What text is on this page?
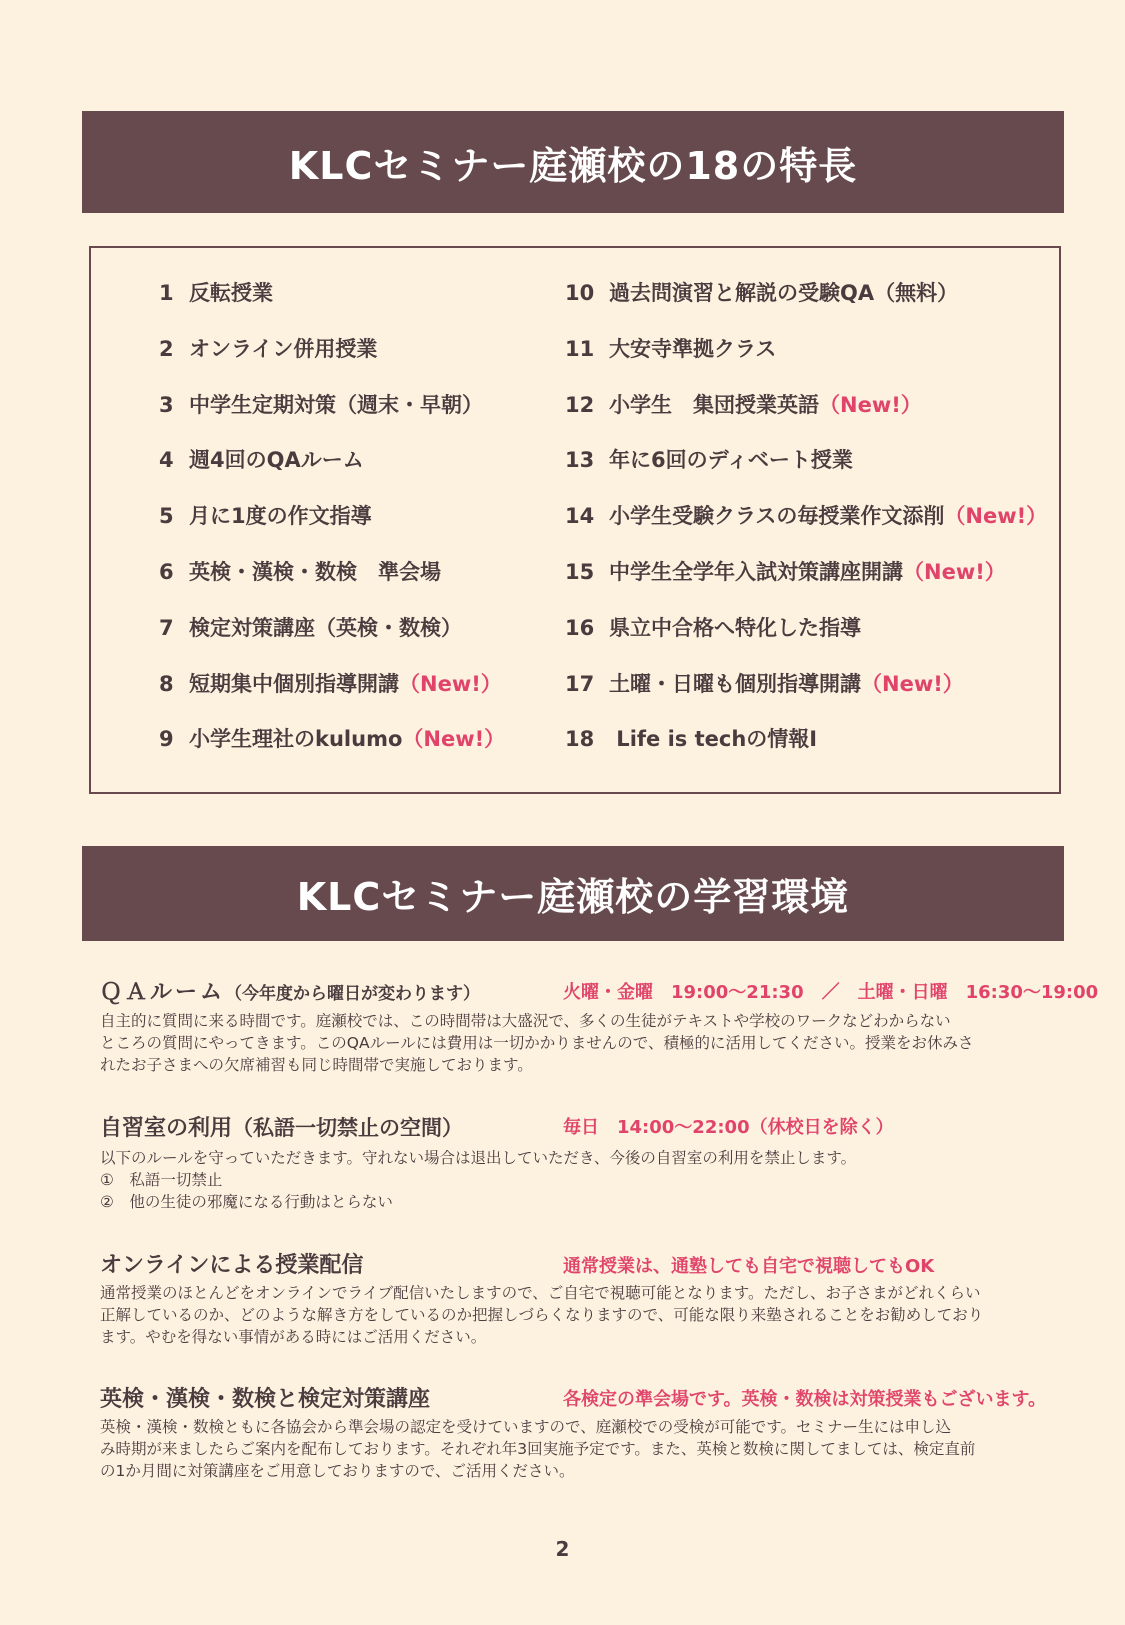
KLCセミナー庭瀬校の18の特長
1 反転授業
2 オンライン併用授業
3 中学生定期対策（週末・早朝）
4 週4回のQAルーム
5 月に1度の作文指導
6 英検・漢検・数検　準会場
7 検定対策講座（英検・数検）
8 短期集中個別指導開講（New!）
9 小学生理社のkulumo（New!）
10 過去問演習と解説の受験QA（無料）
11 大安寺準拠クラス
12 小学生　集団授業英語（New!）
13 年に6回のディベート授業
14 小学生受験クラスの毎授業作文添削（New!）
15 中学生全学年入試対策講座開講（New!）
16 県立中合格へ特化した指導
17 土曜・日曜も個別指導開講（New!）
18 Life is techの情報Ⅰ
KLCセミナー庭瀬校の学習環境
ＱＡルーム（今年度から曜日が変わります）	火曜・金曜　19:00～21:30　／　土曜・日曜　16:30～19:00
自主的に質問に来る時間です。庭瀬校では、この時間帯は大盛況で、多くの生徒がテキストや学校のワークなどわからない
ところの質問にやってきます。このQAルールには費用は一切かかりませんので、積極的に活用してください。授業をお休みさ
れたお子さまへの欠席補習も同じ時間帯で実施しております。
自習室の利用（私語一切禁止の空間）	毎日　14:00～22:00（休校日を除く）
以下のルールを守っていただきます。守れない場合は退出していただき、今後の自習室の利用を禁止します。
①　私語一切禁止
②　他の生徒の邪魔になる行動はとらない
オンラインによる授業配信	通常授業は、通塾しても自宅で視聴してもOK
通常授業のほとんどをオンラインでライブ配信いたしますので、ご自宅で視聴可能となります。ただし、お子さまがどれくらい
正解しているのか、どのような解き方をしているのか把握しづらくなりますので、可能な限り来塾されることをお勧めしており
ます。やむを得ない事情がある時にはご活用ください。
英検・漢検・数検と検定対策講座	各検定の準会場です。英検・数検は対策授業もございます。
英検・漢検・数検ともに各協会から準会場の認定を受けていますので、庭瀬校での受検が可能です。セミナー生には申し込
み時期が来ましたらご案内を配布しております。それぞれ年3回実施予定です。また、英検と数検に関してましては、検定直前
の1か月間に対策講座をご用意しておりますので、ご活用ください。
2
